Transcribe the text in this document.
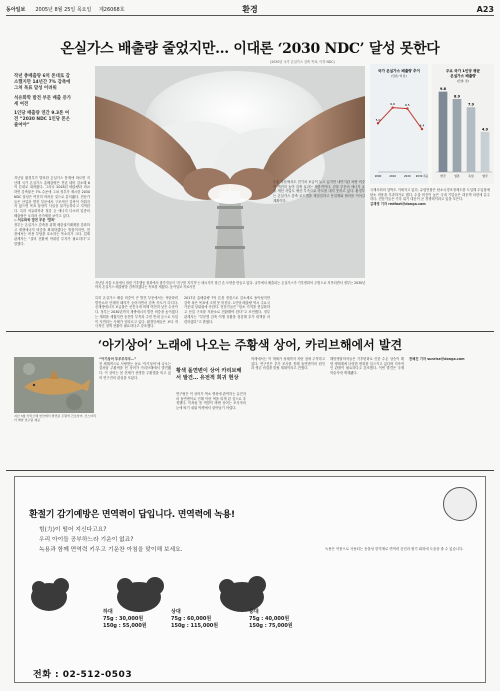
동아일보 2005년 8월 25일 목요일 제26068호	환경	A23
온실가스 배출량 줄었지만… 이대론 ‘2030 NDC’ 달성 못한다
(2030년 국가 온실가스 감축 목표, 이하 NDC)

작년 총배출량 6억 톤대로 감소했지만 14년간 7% 감축에 그쳐 목표 달성 어려워

석유화학 발전 부문 배출 증가세 여전

1인당 배출량 연간 9.3톤 여전 “2030 NDC 1인당 톤은 줄여야”

국가 온실가스 배출량 추이
(단위: 억 톤)
주요 국가 1인당 평균
온실가스 배출량
(단위: 톤)
5.0
2000
6.6
2010
6.5
2020
4.4
2030 목표
9.8
한국
8.9
일본
7.9
독일
4.9
영국
지난달 서울 도심에서 열린 기후행동 집회에서 참가자들이 '지구를 지키자'는 메시지가 담긴 손 모양을 만들고 있다. 굴뚝에서 배출되는 온실가스가 기후변화의 주범으로 지목되면서 정부는 2030년까지 온실가스 배출량을 감축하겠다는 목표를 세웠다. 동아일보 자료사진
지난달 환경부가 발표한 온실가스 통계에 따르면 지난해 국가 온실가스 총배출량은 전년 대비 감소해 6억 톤대로 내려왔다. 그러나 2018년 배출량과 비교하면 감축률은 7% 수준에 그쳐 정부가 제시한 2030 NDC 달성은 여전히 어려운 것으로 분석됐다. 전문가들은 산업과 발전 부문에서 구조적인 감축이 이뤄지지 않으면 목표 달성이 사실상 불가능하다고 지적한다. 특히 석유화학과 철강 등 에너지 다소비 업종의 배출량은 오히려 증가세를 보이고 있다.
◇ 석유화학 발전 부문 ‘발목’
정부는 온실가스 감축을 위해 배출권거래제를 강화하고 재생에너지 비중을 확대하겠다는 방침이지만, 현장에서는 비용 부담을 호소하는 목소리가 크다. 업계 관계자는 “설비 전환에 막대한 투자가 필요하다”고 말했다.
특히 온실가스 배출 비중이 큰 발전 부문에서는 석탄화력발전소의 단계적 폐지가 늦어지면서 감축 속도가 더디다. 신재생에너지 보급률은 선진국에 비해 여전히 낮은 수준이다. 정부는 2030년까지 재생에너지 발전 비중을 높이겠다는 계획을 세웠지만 송전망 부족과 주민 반대 등으로 사업이 지연되는 사례가 잇따르고 있다. 환경단체들은 보다 적극적인 정책 전환이 필요하다고 강조했다.
2017년 총배출량 7억 톤을 정점으로 감소세로 돌아섰지만 감축 폭은 목표에 크게 못 미친다. 1인당 배출량 역시 주요국 가운데 상위권에 속한다. 전문가들은 “탄소 가격을 현실화하고 산업 구조를 저탄소로 전환해야 한다”고 조언했다. 정부 관계자는 “부문별 감축 이행 상황을 점검해 추가 대책을 마련하겠다”고 밝혔다.
수송 부문에서도 전기차 보급이 늘고 있지만 내연기관 차량 비중이 여전히 높아 감축 효과는 제한적이다. 건물 부문의 에너지 효율 개선 사업도 예산 부족으로 속도를 내지 못하고 있다. 환경부는 온실가스 감축 로드맵을 재점검하고 산업계와 협의를 이어갈 계획이다.
국제사회의 압박도 거세지고 있다. 유럽연합은 탄소국경조정제도를 도입해 수입품에 탄소 비용을 부과하기로 했다. 수출 비중이 높은 국내 기업들은 대응책 마련에 분주하다. 전문가들은 기후 위기 대응이 곧 경쟁력이라고 입을 모은다.
김재영 기자 redfoot@donga.com
‘아기상어’ 노래에 나오는 주황색 상어, 카리브해에서 발견
지난 3월 카리브해 연안에서 발견된 주황색 간호상어. 코스타리카 해양 연구팀 제공
“아기상어 뚜루루뚜루…”
전 세계적으로 사랑받는 동요 ‘아기상어’에 나오는 것처럼 주황색을 띤 상어가 카리브해에서 발견됐다. 이 상어는 몸 전체가 선명한 주황빛을 띠고 있어 연구진의 관심을 모았다.
황색 돌연변이 상어 카리브해서 발견… 유전적 희귀 현상
연구팀은 이 상어가 색소 생성에 관여하는 유전자의 돌연변이로 인해 이런 색을 띠게 된 것으로 추정했다. 이처럼 몸 색깔이 바뀐 상어는 포식자의 눈에 띄기 쉬워 야생에서 살아남기 어렵다.
학계에서는 이 개체가 성체까지 자란 점에 주목하고 있다. 연구진은 추가 조사를 통해 돌연변이의 원인과 생존 비결을 밝힐 계획이라고 전했다.
해양생물학자들은 기후변화로 인한 수온 상승이 해양 생태계에 다양한 변화를 일으키고 있다며 지속적인 관찰이 필요하다고 강조했다. 이번 발견은 국제 학술지에 게재됐다.
전혜진 기자 sunrise@donga.com
환절기 감기예방은 면역력이 답입니다. 면역력에 녹용!
힘(力)이 떨어 지신다고요?
우리 아이들 공부하느라 기운이 없죠?
녹용과 함께 면역력 키우고 기운찬 아침을 맞이해 보세요.
하대	상대	중대
75g : 30,000원	75g : 60,000원	75g : 40,000원
150g : 55,000원	150g : 115,000원	150g : 75,000원
녹용은 약용으로 사용되는 동물성 한약재로 면역력 증진과 원기 회복에 도움을 줄 수 있습니다.
전화 : 02-512-0503
